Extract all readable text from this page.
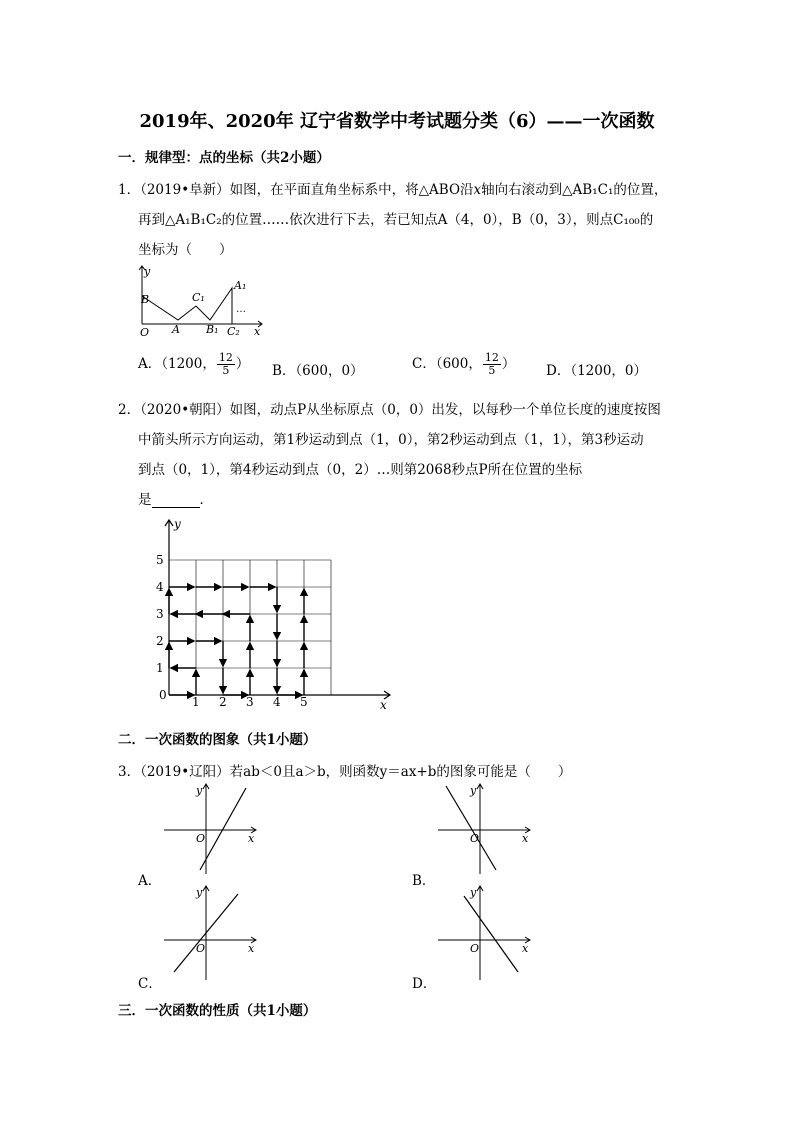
2019年、2020年 辽宁省数学中考试题分类（6）——一次函数
一．规律型：点的坐标（共2小题）
1．（2019•阜新）如图，在平面直角坐标系中，将△ABO沿x轴向右滚动到△AB₁C₁的位置，
再到△A₁B₁C₂的位置……依次进行下去，若已知点A（4，0），B（0，3），则点C₁₀₀的
坐标为（　　）
y
B
O A
C₁
B₁ C₂
A₁
…
x
A．（1200， $\frac{12}{5}$ ） B．（600，0）	C．（600， $\frac{12}{5}$ ） D．（1200，0）
2．（2020•朝阳）如图，动点P从坐标原点（0，0）出发，以每秒一个单位长度的速度按图
中箭头所示方向运动，第1秒运动到点（1，0），第2秒运动到点（1，1），第3秒运动
到点（0，1），第4秒运动到点（0，2）…则第2068秒点P所在位置的坐标
是	．
y
x
0 1 2 3 4 5
1
2
3
4
5
二．一次函数的图象（共1小题）
3．（2019•辽阳）若ab＜0且a＞b，则函数y＝ax+b的图象可能是（　　）
y
x
O
A．
y
x
O
B．
y
x
O
C．
y
x
O
D．
三．一次函数的性质（共1小题）
